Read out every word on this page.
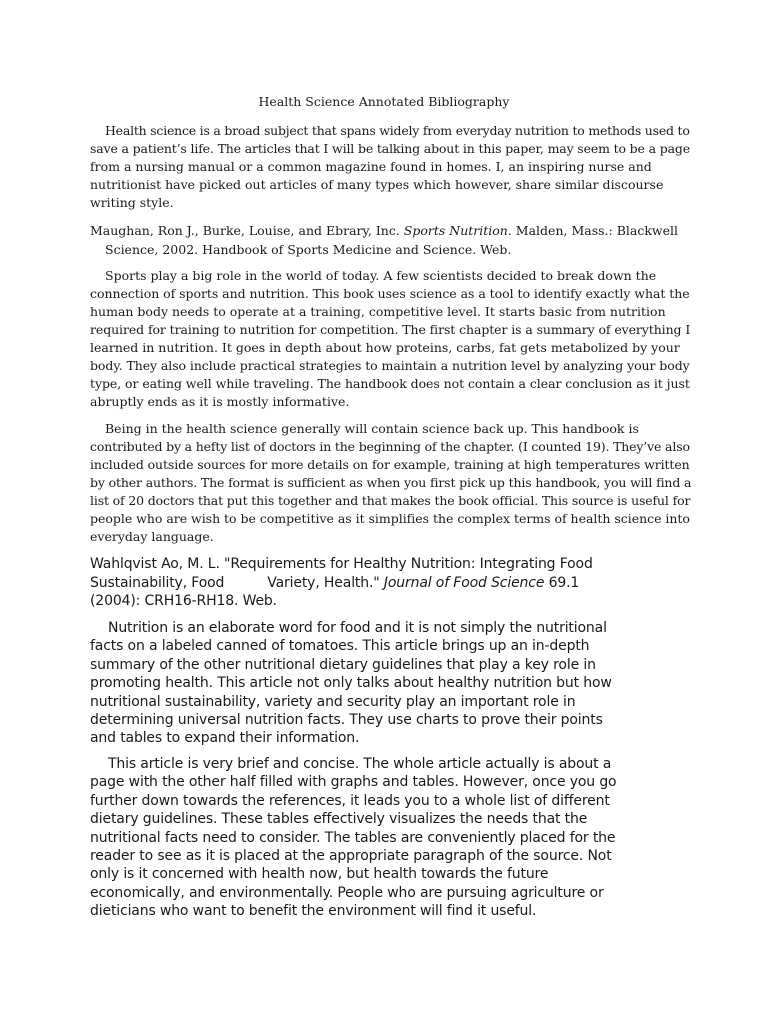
Health Science Annotated Bibliography
Health science is a broad subject that spans widely from everyday nutrition to methods used to
save a patient’s life. The articles that I will be talking about in this paper, may seem to be a page
from a nursing manual or a common magazine found in homes. I, an inspiring nurse and
nutritionist have picked out articles of many types which however, share similar discourse
writing style.
Maughan, Ron J., Burke, Louise, and Ebrary, Inc. Sports Nutrition. Malden, Mass.: Blackwell
Science, 2002. Handbook of Sports Medicine and Science. Web.
Sports play a big role in the world of today. A few scientists decided to break down the
connection of sports and nutrition. This book uses science as a tool to identify exactly what the
human body needs to operate at a training, competitive level. It starts basic from nutrition
required for training to nutrition for competition. The first chapter is a summary of everything I
learned in nutrition. It goes in depth about how proteins, carbs, fat gets metabolized by your
body. They also include practical strategies to maintain a nutrition level by analyzing your body
type, or eating well while traveling. The handbook does not contain a clear conclusion as it just
abruptly ends as it is mostly informative.
Being in the health science generally will contain science back up. This handbook is
contributed by a hefty list of doctors in the beginning of the chapter. (I counted 19). They’ve also
included outside sources for more details on for example, training at high temperatures written
by other authors. The format is sufficient as when you first pick up this handbook, you will find a
list of 20 doctors that put this together and that makes the book official. This source is useful for
people who are wish to be competitive as it simplifies the complex terms of health science into
everyday language.
Wahlqvist Ao, M. L. "Requirements for Healthy Nutrition: Integrating Food
Sustainability, Food          Variety, Health." Journal of Food Science 69.1
(2004): CRH16-RH18. Web.
Nutrition is an elaborate word for food and it is not simply the nutritional
facts on a labeled canned of tomatoes. This article brings up an in-depth
summary of the other nutritional dietary guidelines that play a key role in
promoting health. This article not only talks about healthy nutrition but how
nutritional sustainability, variety and security play an important role in
determining universal nutrition facts. They use charts to prove their points
and tables to expand their information.
This article is very brief and concise. The whole article actually is about a
page with the other half filled with graphs and tables. However, once you go
further down towards the references, it leads you to a whole list of different
dietary guidelines. These tables effectively visualizes the needs that the
nutritional facts need to consider. The tables are conveniently placed for the
reader to see as it is placed at the appropriate paragraph of the source. Not
only is it concerned with health now, but health towards the future
economically, and environmentally. People who are pursuing agriculture or
dieticians who want to benefit the environment will find it useful.
